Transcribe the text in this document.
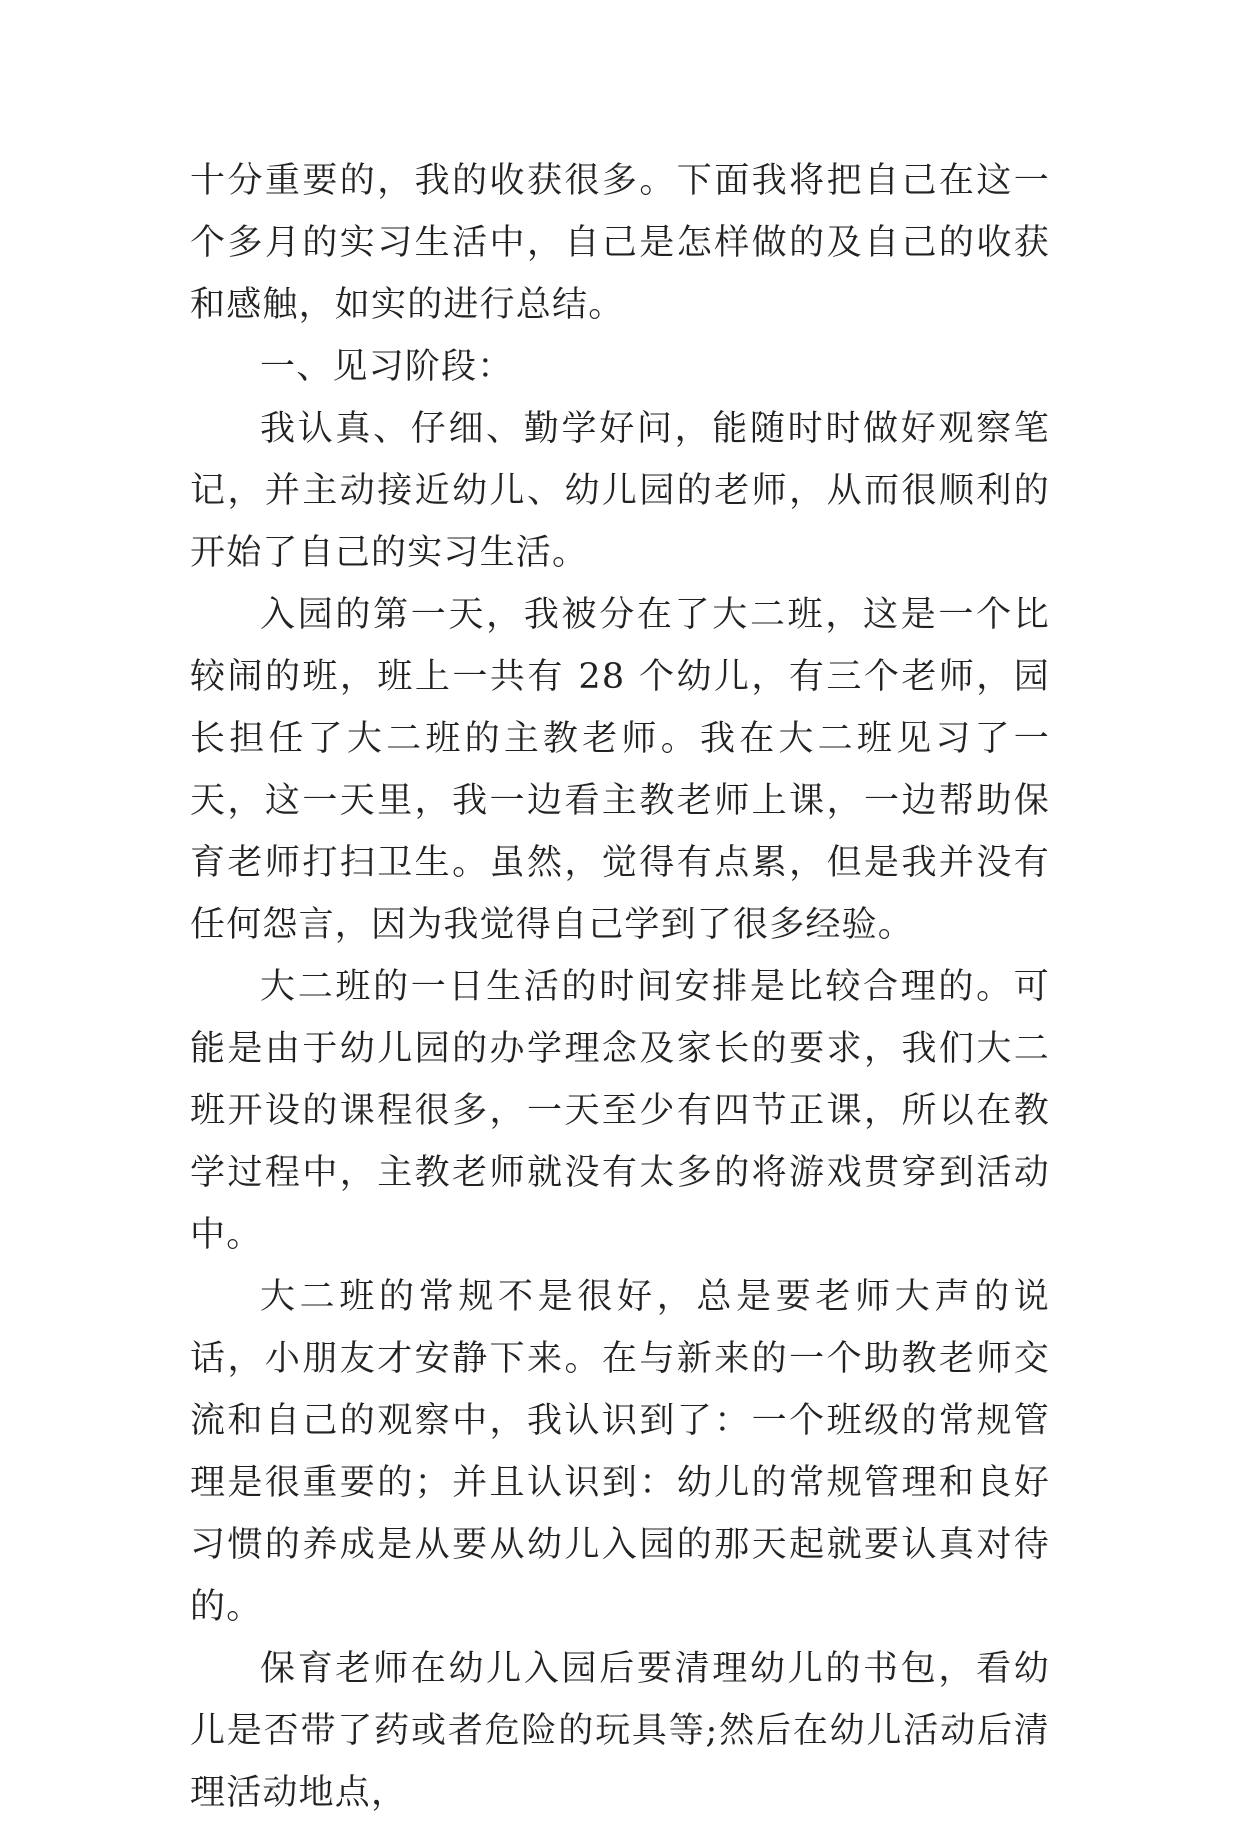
十分重要的，我的收获很多。下面我将把自己在这一个多月的实习生活中，自己是怎样做的及自己的收获和感触，如实的进行总结。

一、见习阶段：

我认真、仔细、勤学好问，能随时时做好观察笔记，并主动接近幼儿、幼儿园的老师，从而很顺利的开始了自己的实习生活。

入园的第一天，我被分在了大二班，这是一个比较闹的班，班上一共有 28 个幼儿，有三个老师，园长担任了大二班的主教老师。我在大二班见习了一天，这一天里，我一边看主教老师上课，一边帮助保育老师打扫卫生。虽然，觉得有点累，但是我并没有任何怨言，因为我觉得自己学到了很多经验。

大二班的一日生活的时间安排是比较合理的。可能是由于幼儿园的办学理念及家长的要求，我们大二班开设的课程很多，一天至少有四节正课，所以在教学过程中，主教老师就没有太多的将游戏贯穿到活动中。

大二班的常规不是很好，总是要老师大声的说话，小朋友才安静下来。在与新来的一个助教老师交流和自己的观察中，我认识到了：一个班级的常规管理是很重要的；并且认识到：幼儿的常规管理和良好习惯的养成是从要从幼儿入园的那天起就要认真对待的。

保育老师在幼儿入园后要清理幼儿的书包，看幼儿是否带了药或者危险的玩具等;然后在幼儿活动后清理活动地点，
